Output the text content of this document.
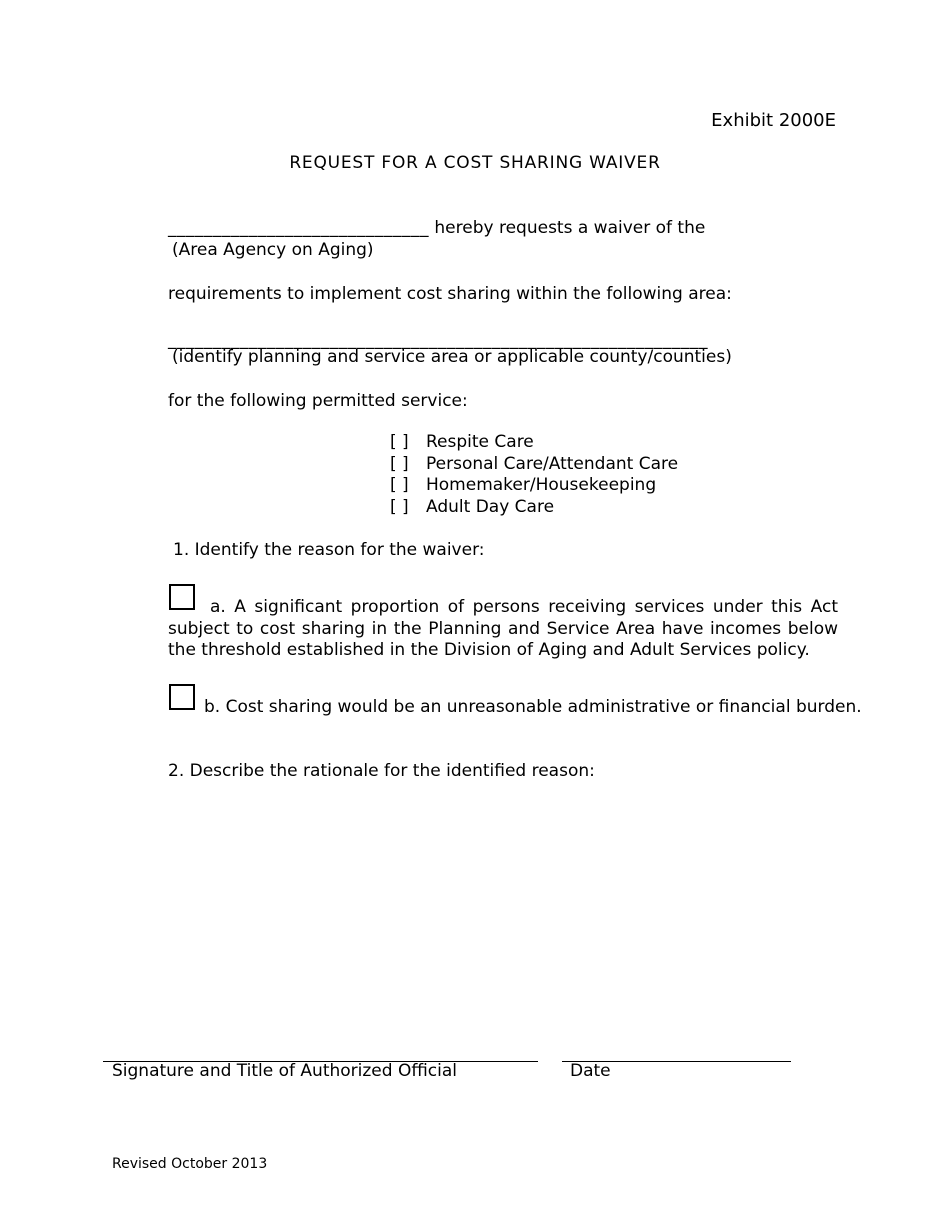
Exhibit 2000E
REQUEST FOR A COST SHARING WAIVER
_____________________________ hereby requests a waiver of the
(Area Agency on Aging)
requirements to implement cost sharing within the following area:
____________________________________________________________
(identify planning and service area or applicable county/counties)
for the following permitted service:
[ ] Respite Care
[ ] Personal Care/Attendant Care
[ ] Homemaker/Housekeeping
[ ] Adult Day Care
1. Identify the reason for the waiver:
a. A significant proportion of persons receiving services under this Act subject to cost sharing in the Planning and Service Area have incomes below the threshold established in the Division of Aging and Adult Services policy.
b. Cost sharing would be an unreasonable administrative or financial burden.
2. Describe the rationale for the identified reason:
Signature and Title of Authorized Official	Date
Revised October 2013
